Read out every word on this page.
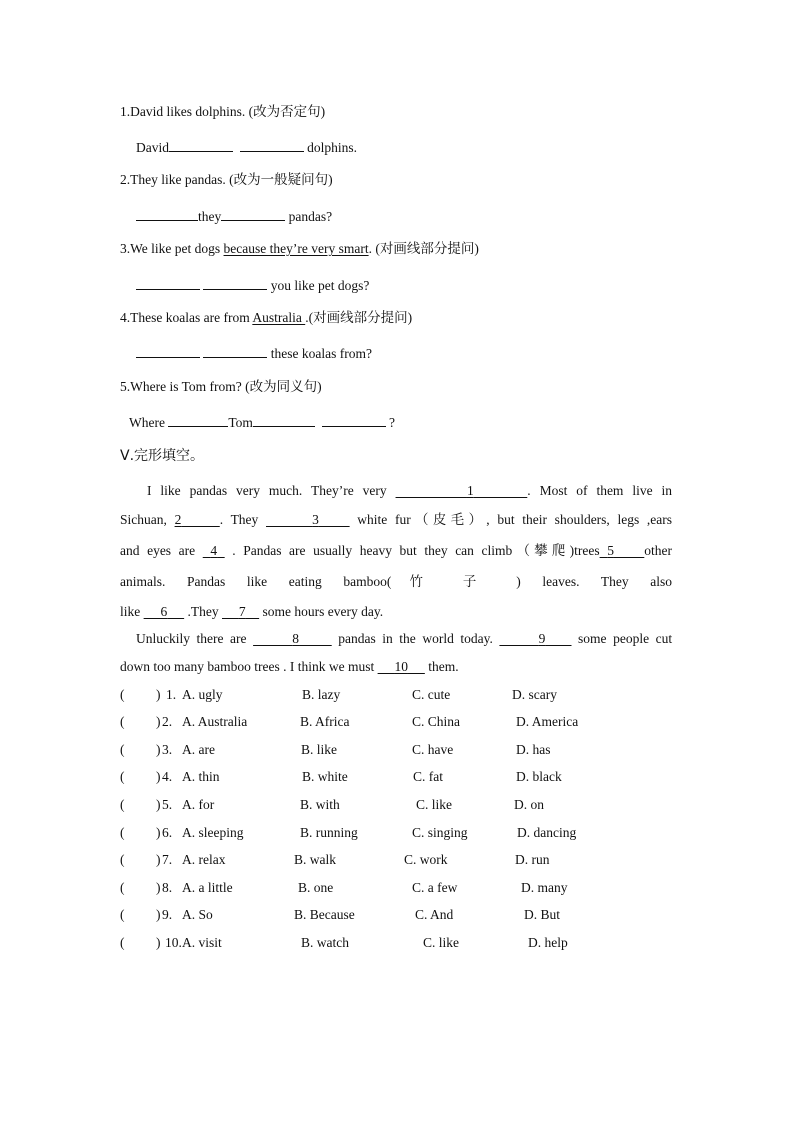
1.David likes dolphins. (改为否定句)
David	dolphins.
2.They like pandas. (改为一般疑问句)
they	pandas?
3.We like pet dogs because they’re very smart. (对画线部分提问)
you like pet dogs?
4.These koalas are from Australia .(对画线部分提问)
these koalas from?
5.Where is Tom from? (改为同义句)
Where	Tom	?
Ⅴ.完形填空。
I like pandas very much. They’re very	1	. Most of them live in
Sichuan, 2	. They	3	white fur（皮毛）, but their shoulders, legs ,ears
and eyes are 4 . Pandas are usually heavy but they can climb（攀爬)trees 5 other
animals. Pandas like eating bamboo(竹 子 ) leaves. They also
like 6 .They 7 some hours every day.
Unluckily there are	8	pandas in the world today.	9 some people cut
down too many bamboo trees . I think we must 10 them.
( ) 1. A. ugly	B. lazy	C. cute	D. scary
( ) 2. A. Australia	B. Africa	C. China	D. America
( ) 3. A. are	B. like	C. have	D. has
( ) 4. A. thin	B. white	C. fat	D. black
( ) 5. A. for	B. with	C. like	D. on
( ) 6. A. sleeping	B. running	C. singing	D. dancing
( ) 7. A. relax	B. walk	C. work	D. run
( ) 8. A. a little	B. one	C. a few	D. many
( ) 9. A. So	B. Because	C. And	D. But
( ) 10. A. visit	B. watch	C. like	D. help
